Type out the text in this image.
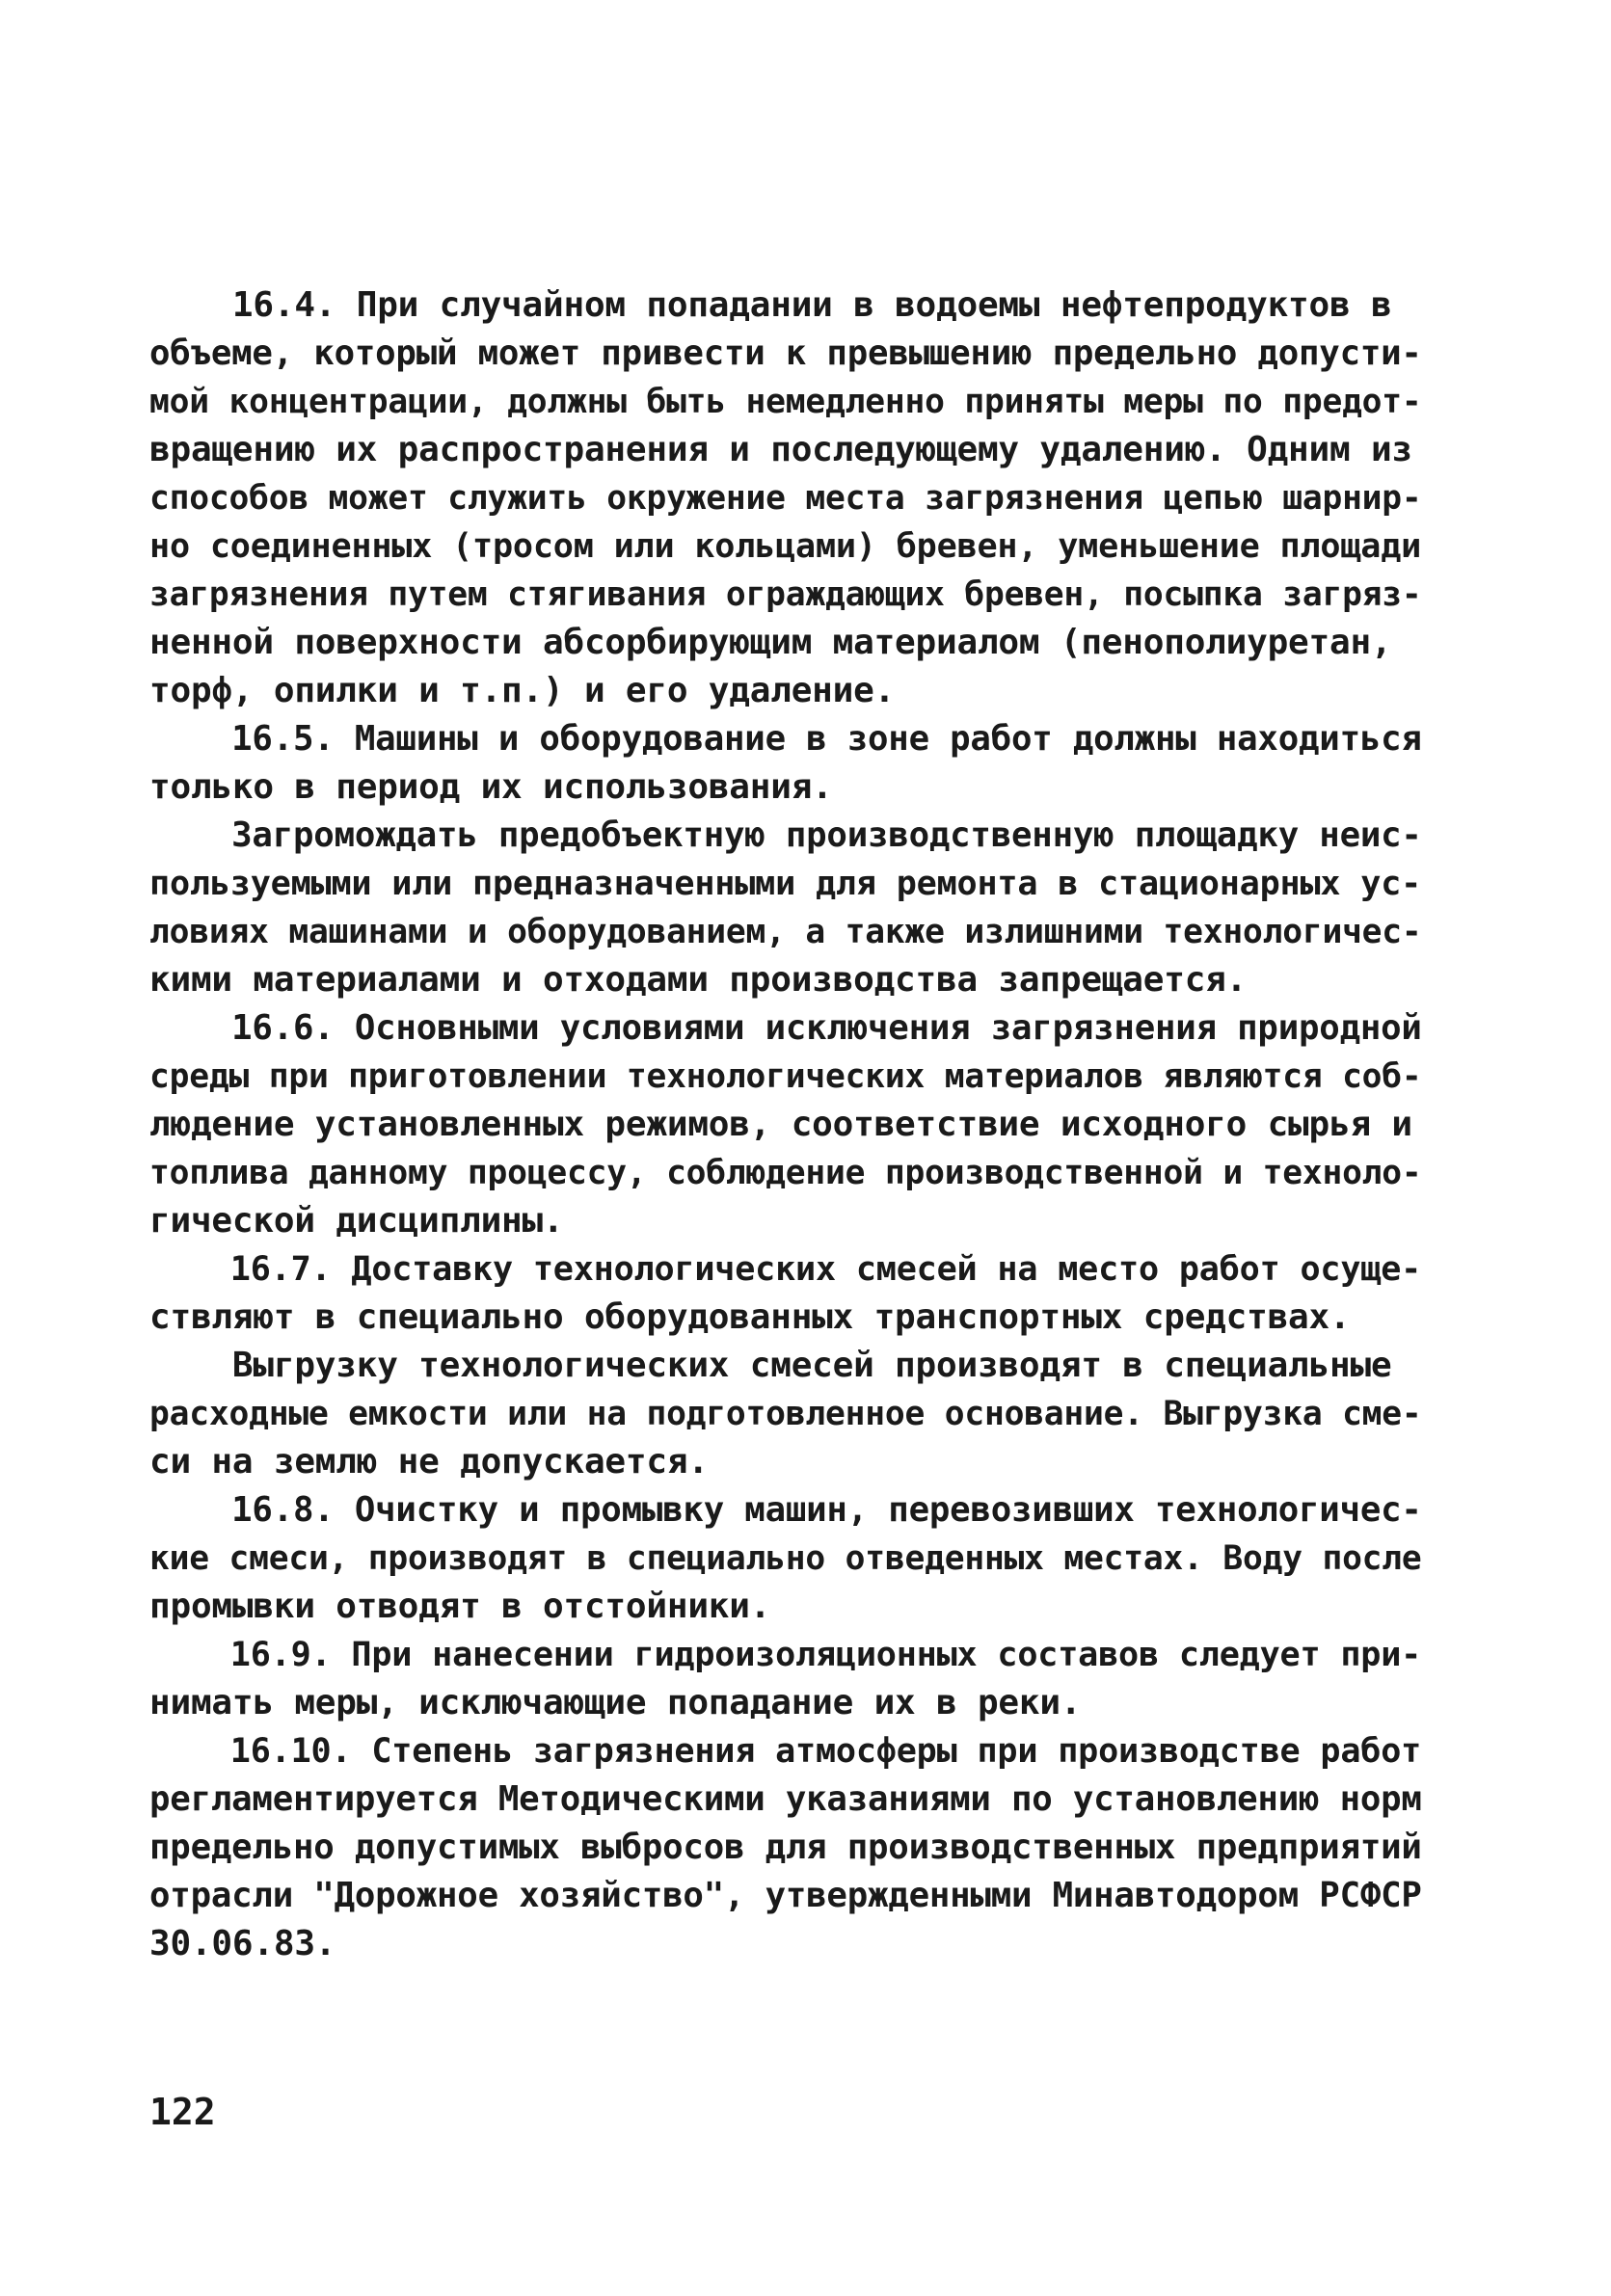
16.4. При случайном попадании в водоемы нефтепродуктов в
объеме, который может привести к превышению предельно допусти-
мой концентрации, должны быть немедленно приняты меры по предот-
вращению их распространения и последующему удалению. Одним из
способов может служить окружение места загрязнения цепью шарнир-
но соединенных (тросом или кольцами) бревен, уменьшение площади
загрязнения путем стягивания ограждающих бревен, посыпка загряз-
ненной поверхности абсорбирующим материалом (пенополиуретан,
торф, опилки и т.п.) и его удаление.
16.5. Машины и оборудование в зоне работ должны находиться
только в период их использования.
Загромождать предобъектную производственную площадку неис-
пользуемыми или предназначенными для ремонта в стационарных ус-
ловиях машинами и оборудованием, а также излишними технологичес-
кими материалами и отходами производства запрещается.
16.6. Основными условиями исключения загрязнения природной
среды при приготовлении технологических материалов являются соб-
людение установленных режимов, соответствие исходного сырья и
топлива данному процессу, соблюдение производственной и техноло-
гической дисциплины.
16.7. Доставку технологических смесей на место работ осуще-
ствляют в специально оборудованных транспортных средствах.
Выгрузку технологических смесей производят в специальные
расходные емкости или на подготовленное основание. Выгрузка сме-
си на землю не допускается.
16.8. Очистку и промывку машин, перевозивших технологичес-
кие смеси, производят в специально отведенных местах. Воду после
промывки отводят в отстойники.
16.9. При нанесении гидроизоляционных составов следует при-
нимать меры, исключающие попадание их в реки.
16.10. Степень загрязнения атмосферы при производстве работ
регламентируется Методическими указаниями по установлению норм
предельно допустимых выбросов для производственных предприятий
отрасли "Дорожное хозяйство", утвержденными Минавтодором РСФСР
30.06.83.
122
